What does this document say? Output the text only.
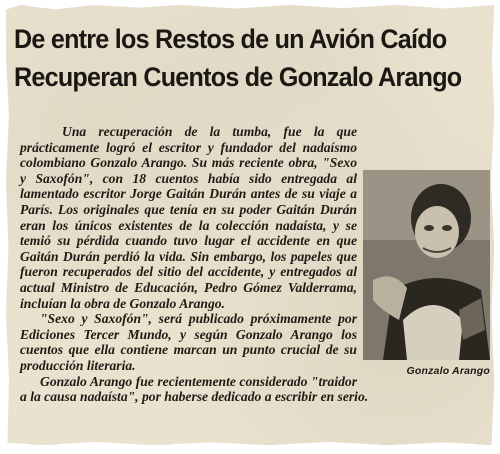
De entre los Restos de un Avión Caído
Recuperan Cuentos de Gonzalo Arango
Gonzalo Arango

Una recuperación de la tumba, fue la que prácticamente logró el escritor y fundador del nadaísmo colombiano Gonzalo Arango. Su más reciente obra, "Sexo y Saxofón", con 18 cuentos había sido entregada al lamentado escritor Jorge Gaitán Durán antes de su viaje a París. Los originales que tenía en su poder Gaitán Durán eran los únicos existentes de la colección nadaísta, y se temió su pérdida cuando tuvo lugar el accidente en que Gaitán Durán perdió la vida. Sin embargo, los papeles que fueron recuperados del sitio del accidente, y entregados al actual Ministro de Educación, Pedro Gómez Valderrama, incluían la obra de Gonzalo Arango.

"Sexo y Saxofón", será publicado próximamente por Ediciones Tercer Mundo, y según Gonzalo Arango los cuentos que ella contiene marcan un punto crucial de su producción literaria.

Gonzalo Arango fue recientemente considerado "traidor a la causa nadaísta", por haberse dedicado a escribir en serio.
